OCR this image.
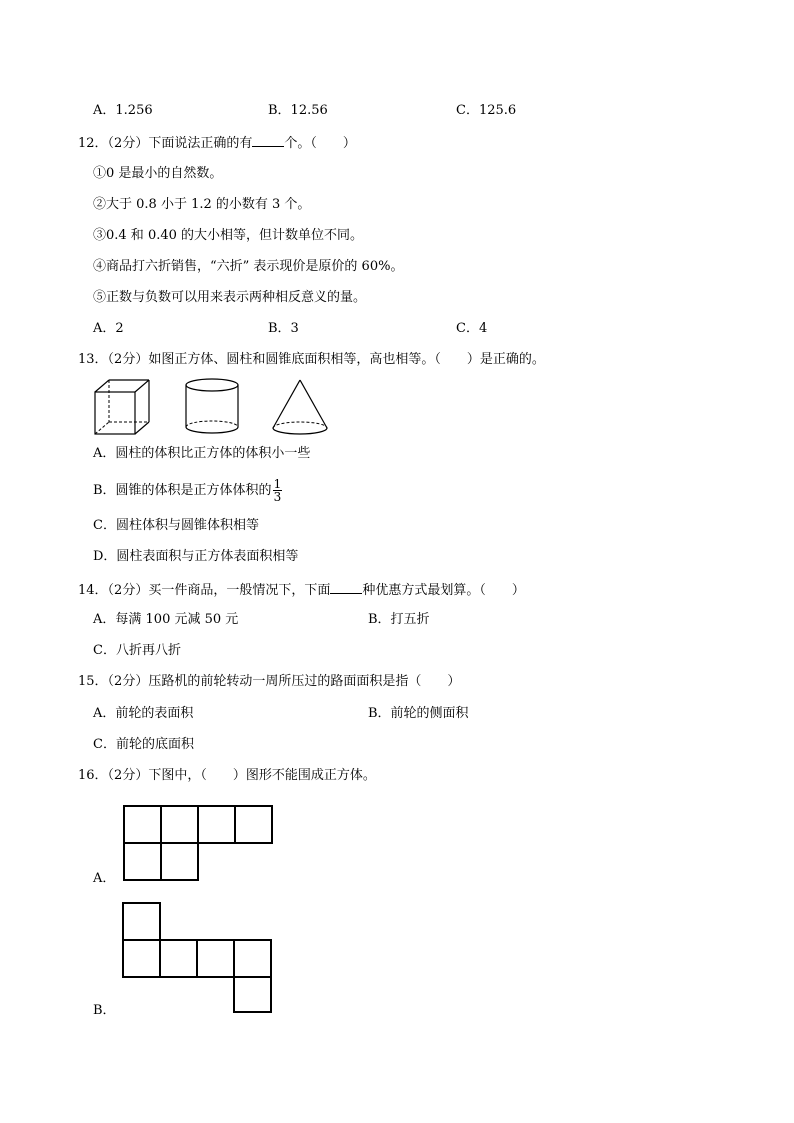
A．1.256	B．12.56	C．125.6
12．（2分）下面说法正确的有 个。（　　）
①0 是最小的自然数。
②大于 0.8 小于 1.2 的小数有 3 个。
③0.4 和 0.40 的大小相等，但计数单位不同。
④商品打六折销售，“六折” 表示现价是原价的 60%。
⑤正数与负数可以用来表示两种相反意义的量。
A．2	B．3	C．4
13．（2分）如图正方体、圆柱和圆锥底面积相等，高也相等。（　　）是正确的。
A．圆柱的体积比正方体的体积小一些
B．圆锥的体积是正方体体积的 $\frac{1}{3}$
C．圆柱体积与圆锥体积相等
D．圆柱表面积与正方体表面积相等
14．（2分）买一件商品，一般情况下，下面 种优惠方式最划算。（　　）
A．每满 100 元减 50 元	B．打五折
C．八折再八折
15．（2分）压路机的前轮转动一周所压过的路面面积是指（　　）
A．前轮的表面积	B．前轮的侧面积
C．前轮的底面积
16．（2分）下图中，（　　）图形不能围成正方体。
A．
B．
